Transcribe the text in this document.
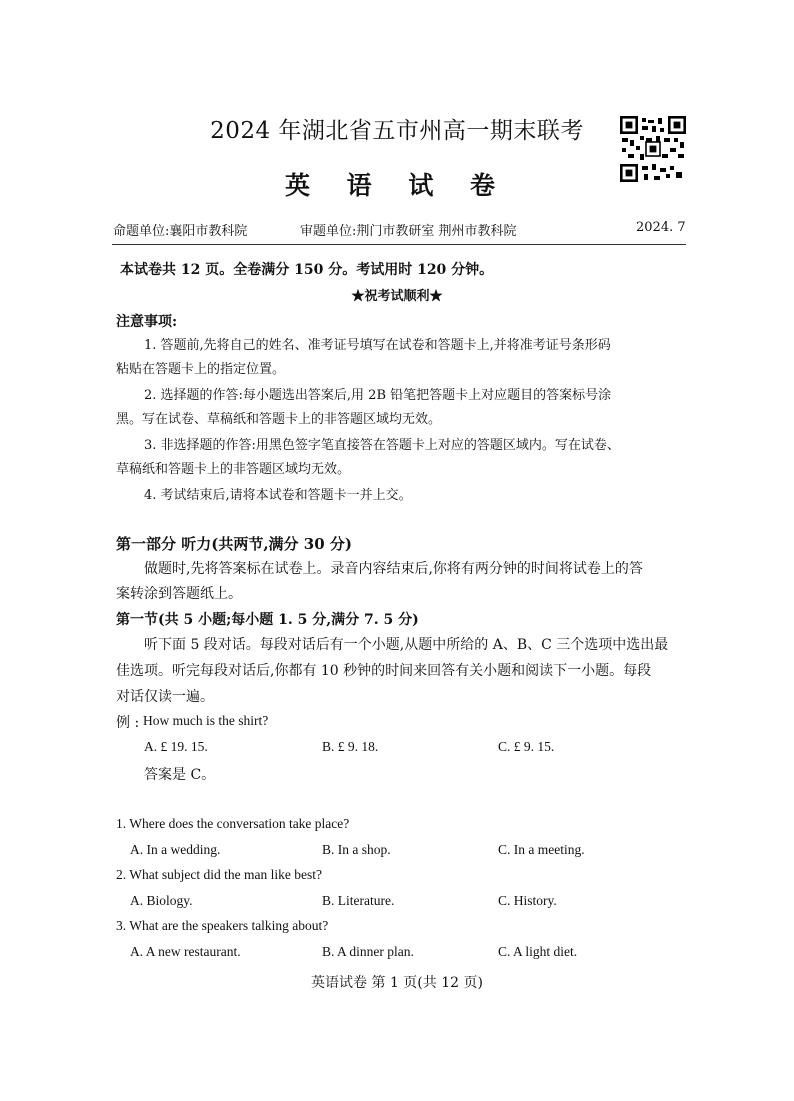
2024 年湖北省五市州高一期末联考
英 语 试 卷
命题单位:襄阳市教科院	审题单位:荆门市教研室 荆州市教科院	2024. 7
本试卷共 12 页。全卷满分 150 分。考试用时 120 分钟。
★祝考试顺利★
注意事项:
1. 答题前,先将自己的姓名、准考证号填写在试卷和答题卡上,并将准考证号条形码
粘贴在答题卡上的指定位置。
2. 选择题的作答:每小题选出答案后,用 2B 铅笔把答题卡上对应题目的答案标号涂
黑。写在试卷、草稿纸和答题卡上的非答题区域均无效。
3. 非选择题的作答:用黑色签字笔直接答在答题卡上对应的答题区域内。写在试卷、
草稿纸和答题卡上的非答题区域均无效。
4. 考试结束后,请将本试卷和答题卡一并上交。
第一部分 听力(共两节,满分 30 分)
做题时,先将答案标在试卷上。录音内容结束后,你将有两分钟的时间将试卷上的答
案转涂到答题纸上。
第一节(共 5 小题;每小题 1. 5 分,满分 7. 5 分)
听下面 5 段对话。每段对话后有一个小题,从题中所给的 A、B、C 三个选项中选出最
佳选项。听完每段对话后,你都有 10 秒钟的时间来回答有关小题和阅读下一小题。每段
对话仅读一遍。
例 : How much is the shirt?
A. £ 19. 15.	B. £ 9. 18.	C. £ 9. 15.
答案是 C。
1. Where does the conversation take place?
A. In a wedding.	B. In a shop.	C. In a meeting.
2. What subject did the man like best?
A. Biology.	B. Literature.	C. History.
3. What are the speakers talking about?
A. A new restaurant.	B. A dinner plan.	C. A light diet.
英语试卷 第 1 页(共 12 页)
